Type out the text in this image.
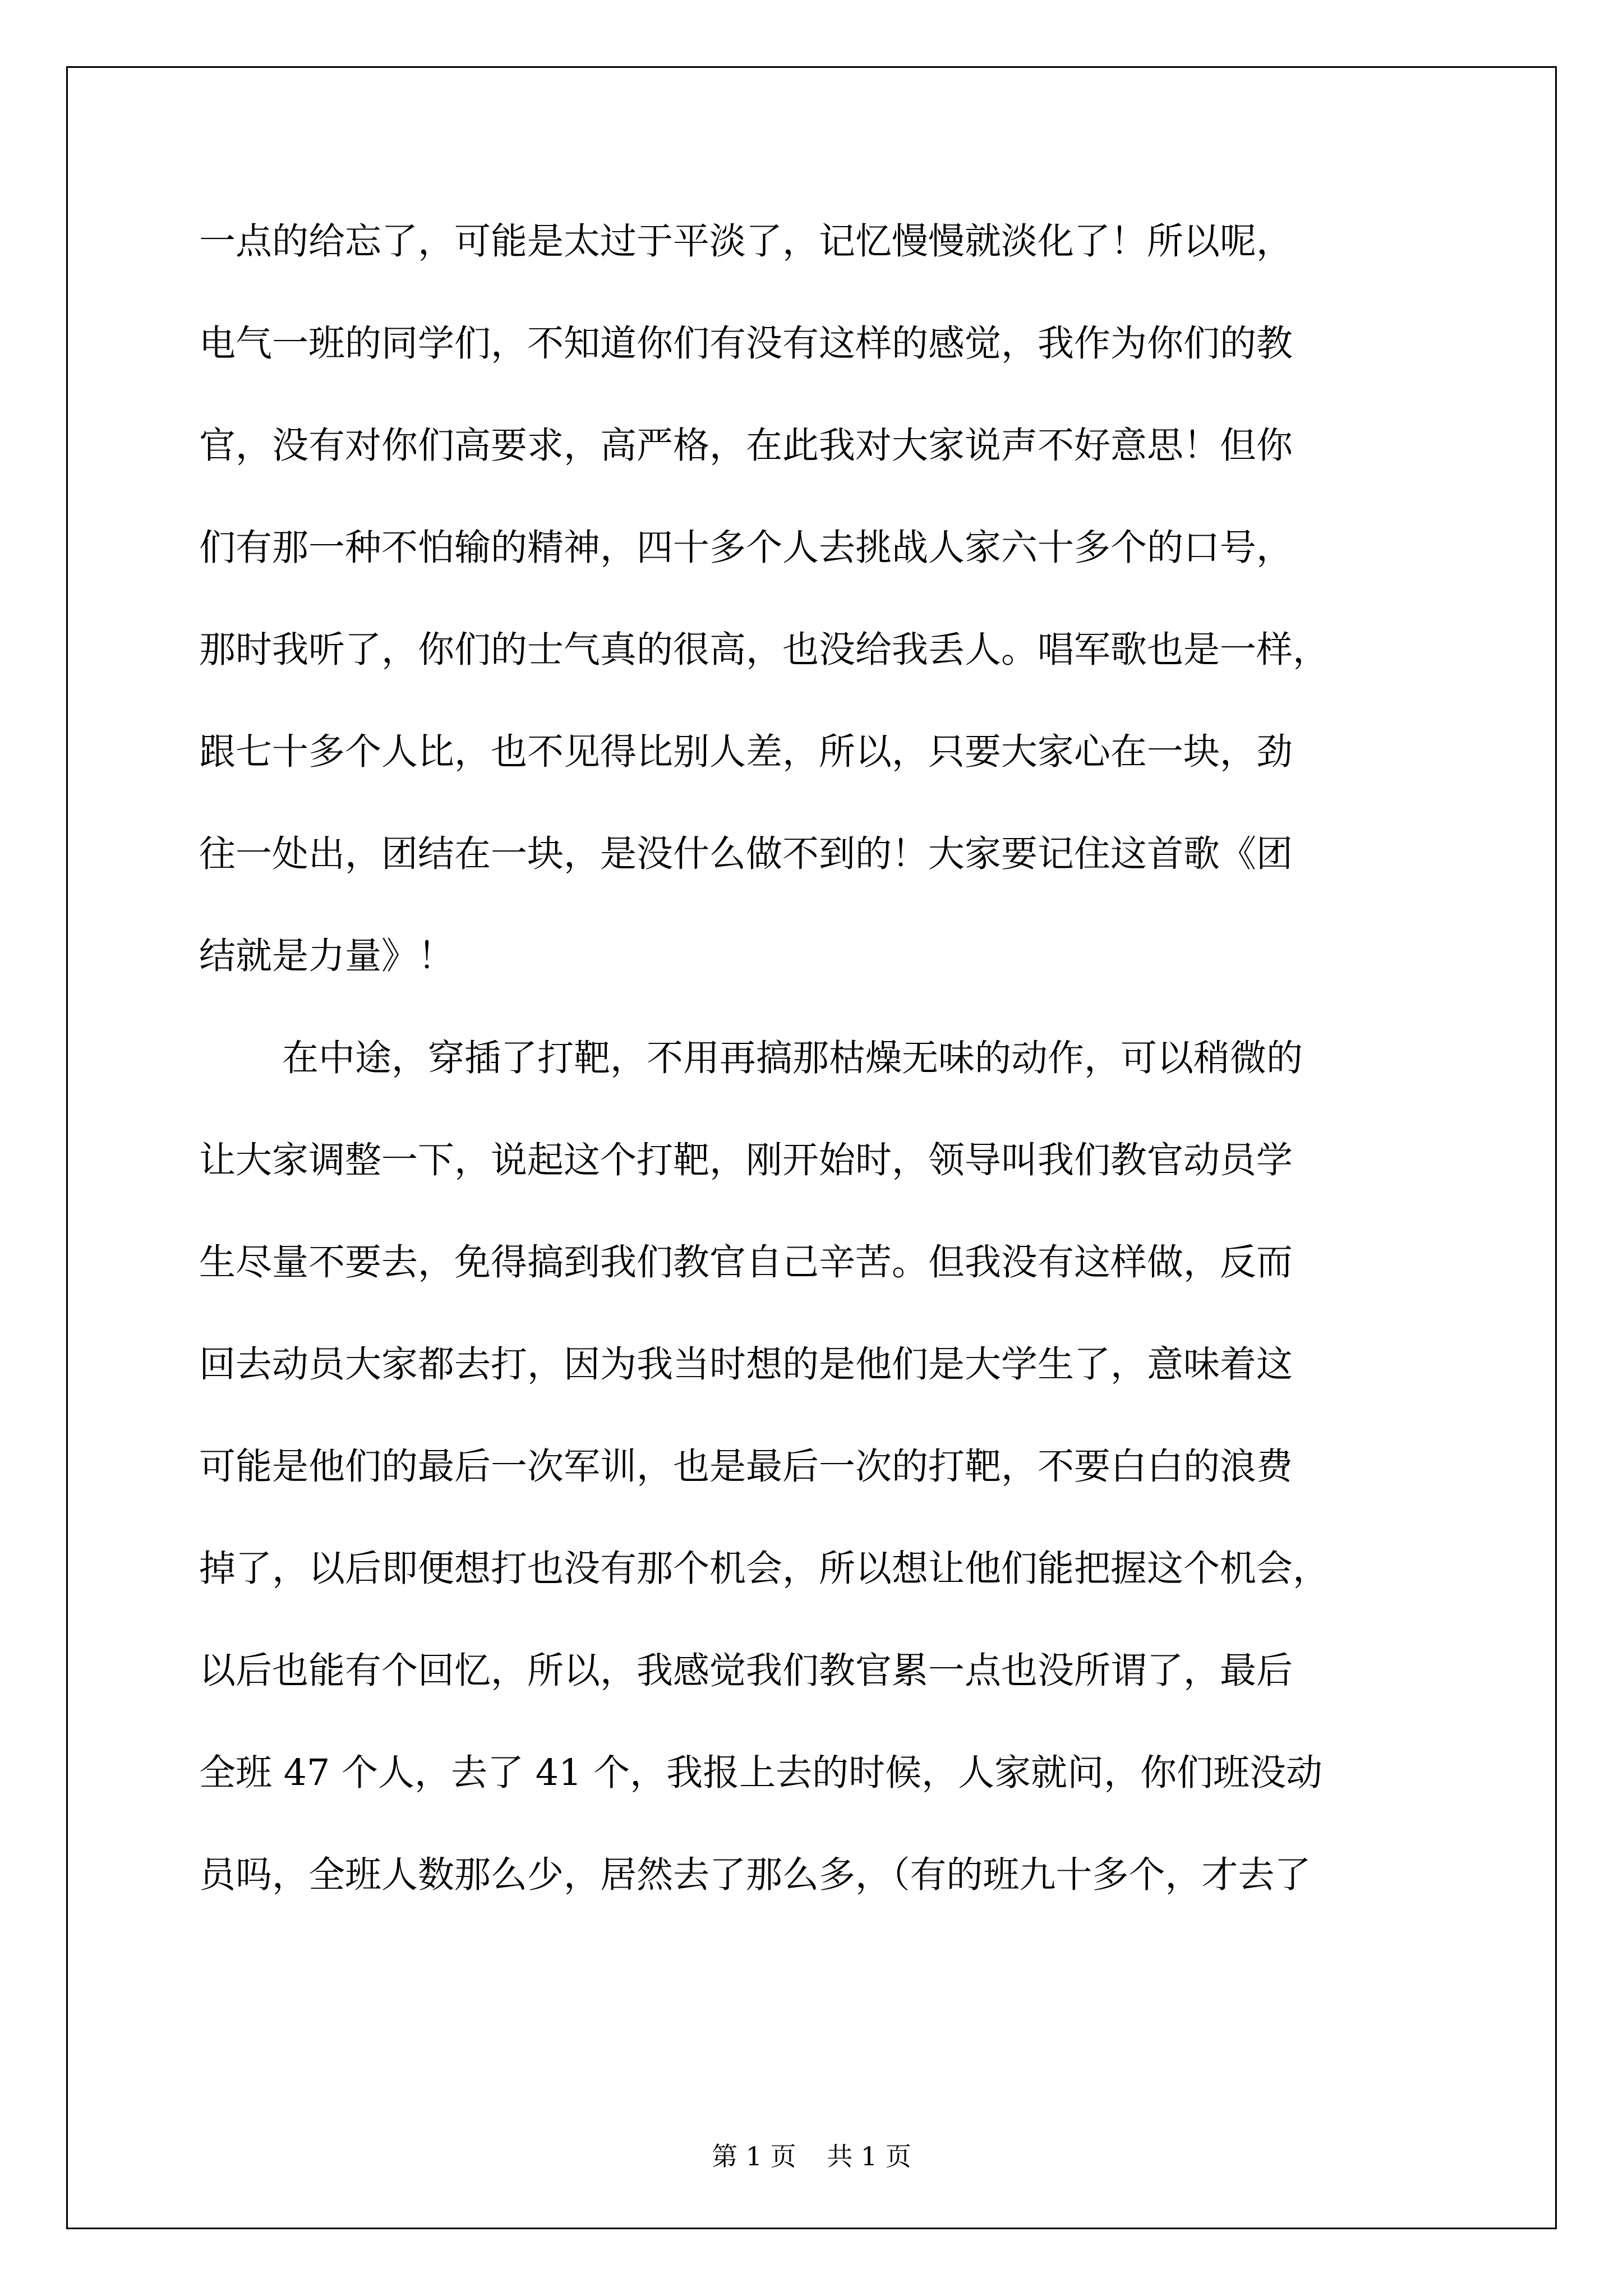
一点的给忘了，可能是太过于平淡了，记忆慢慢就淡化了！所以呢，
电气一班的同学们，不知道你们有没有这样的感觉，我作为你们的教
官，没有对你们高要求，高严格，在此我对大家说声不好意思！但你
们有那一种不怕输的精神，四十多个人去挑战人家六十多个的口号，
那时我听了，你们的士气真的很高，也没给我丢人。唱军歌也是一样，
跟七十多个人比，也不见得比别人差，所以，只要大家心在一块，劲
往一处出，团结在一块，是没什么做不到的！大家要记住这首歌《团
结就是力量》！
在中途，穿插了打靶，不用再搞那枯燥无味的动作，可以稍微的
让大家调整一下，说起这个打靶，刚开始时，领导叫我们教官动员学
生尽量不要去，免得搞到我们教官自己辛苦。但我没有这样做，反而
回去动员大家都去打，因为我当时想的是他们是大学生了，意味着这
可能是他们的最后一次军训，也是最后一次的打靶，不要白白的浪费
掉了，以后即便想打也没有那个机会，所以想让他们能把握这个机会，
以后也能有个回忆，所以，我感觉我们教官累一点也没所谓了，最后
全班 47 个人，去了 41 个，我报上去的时候，人家就问，你们班没动
员吗，全班人数那么少，居然去了那么多，（有的班九十多个，才去了
第 1 页 共 1 页
